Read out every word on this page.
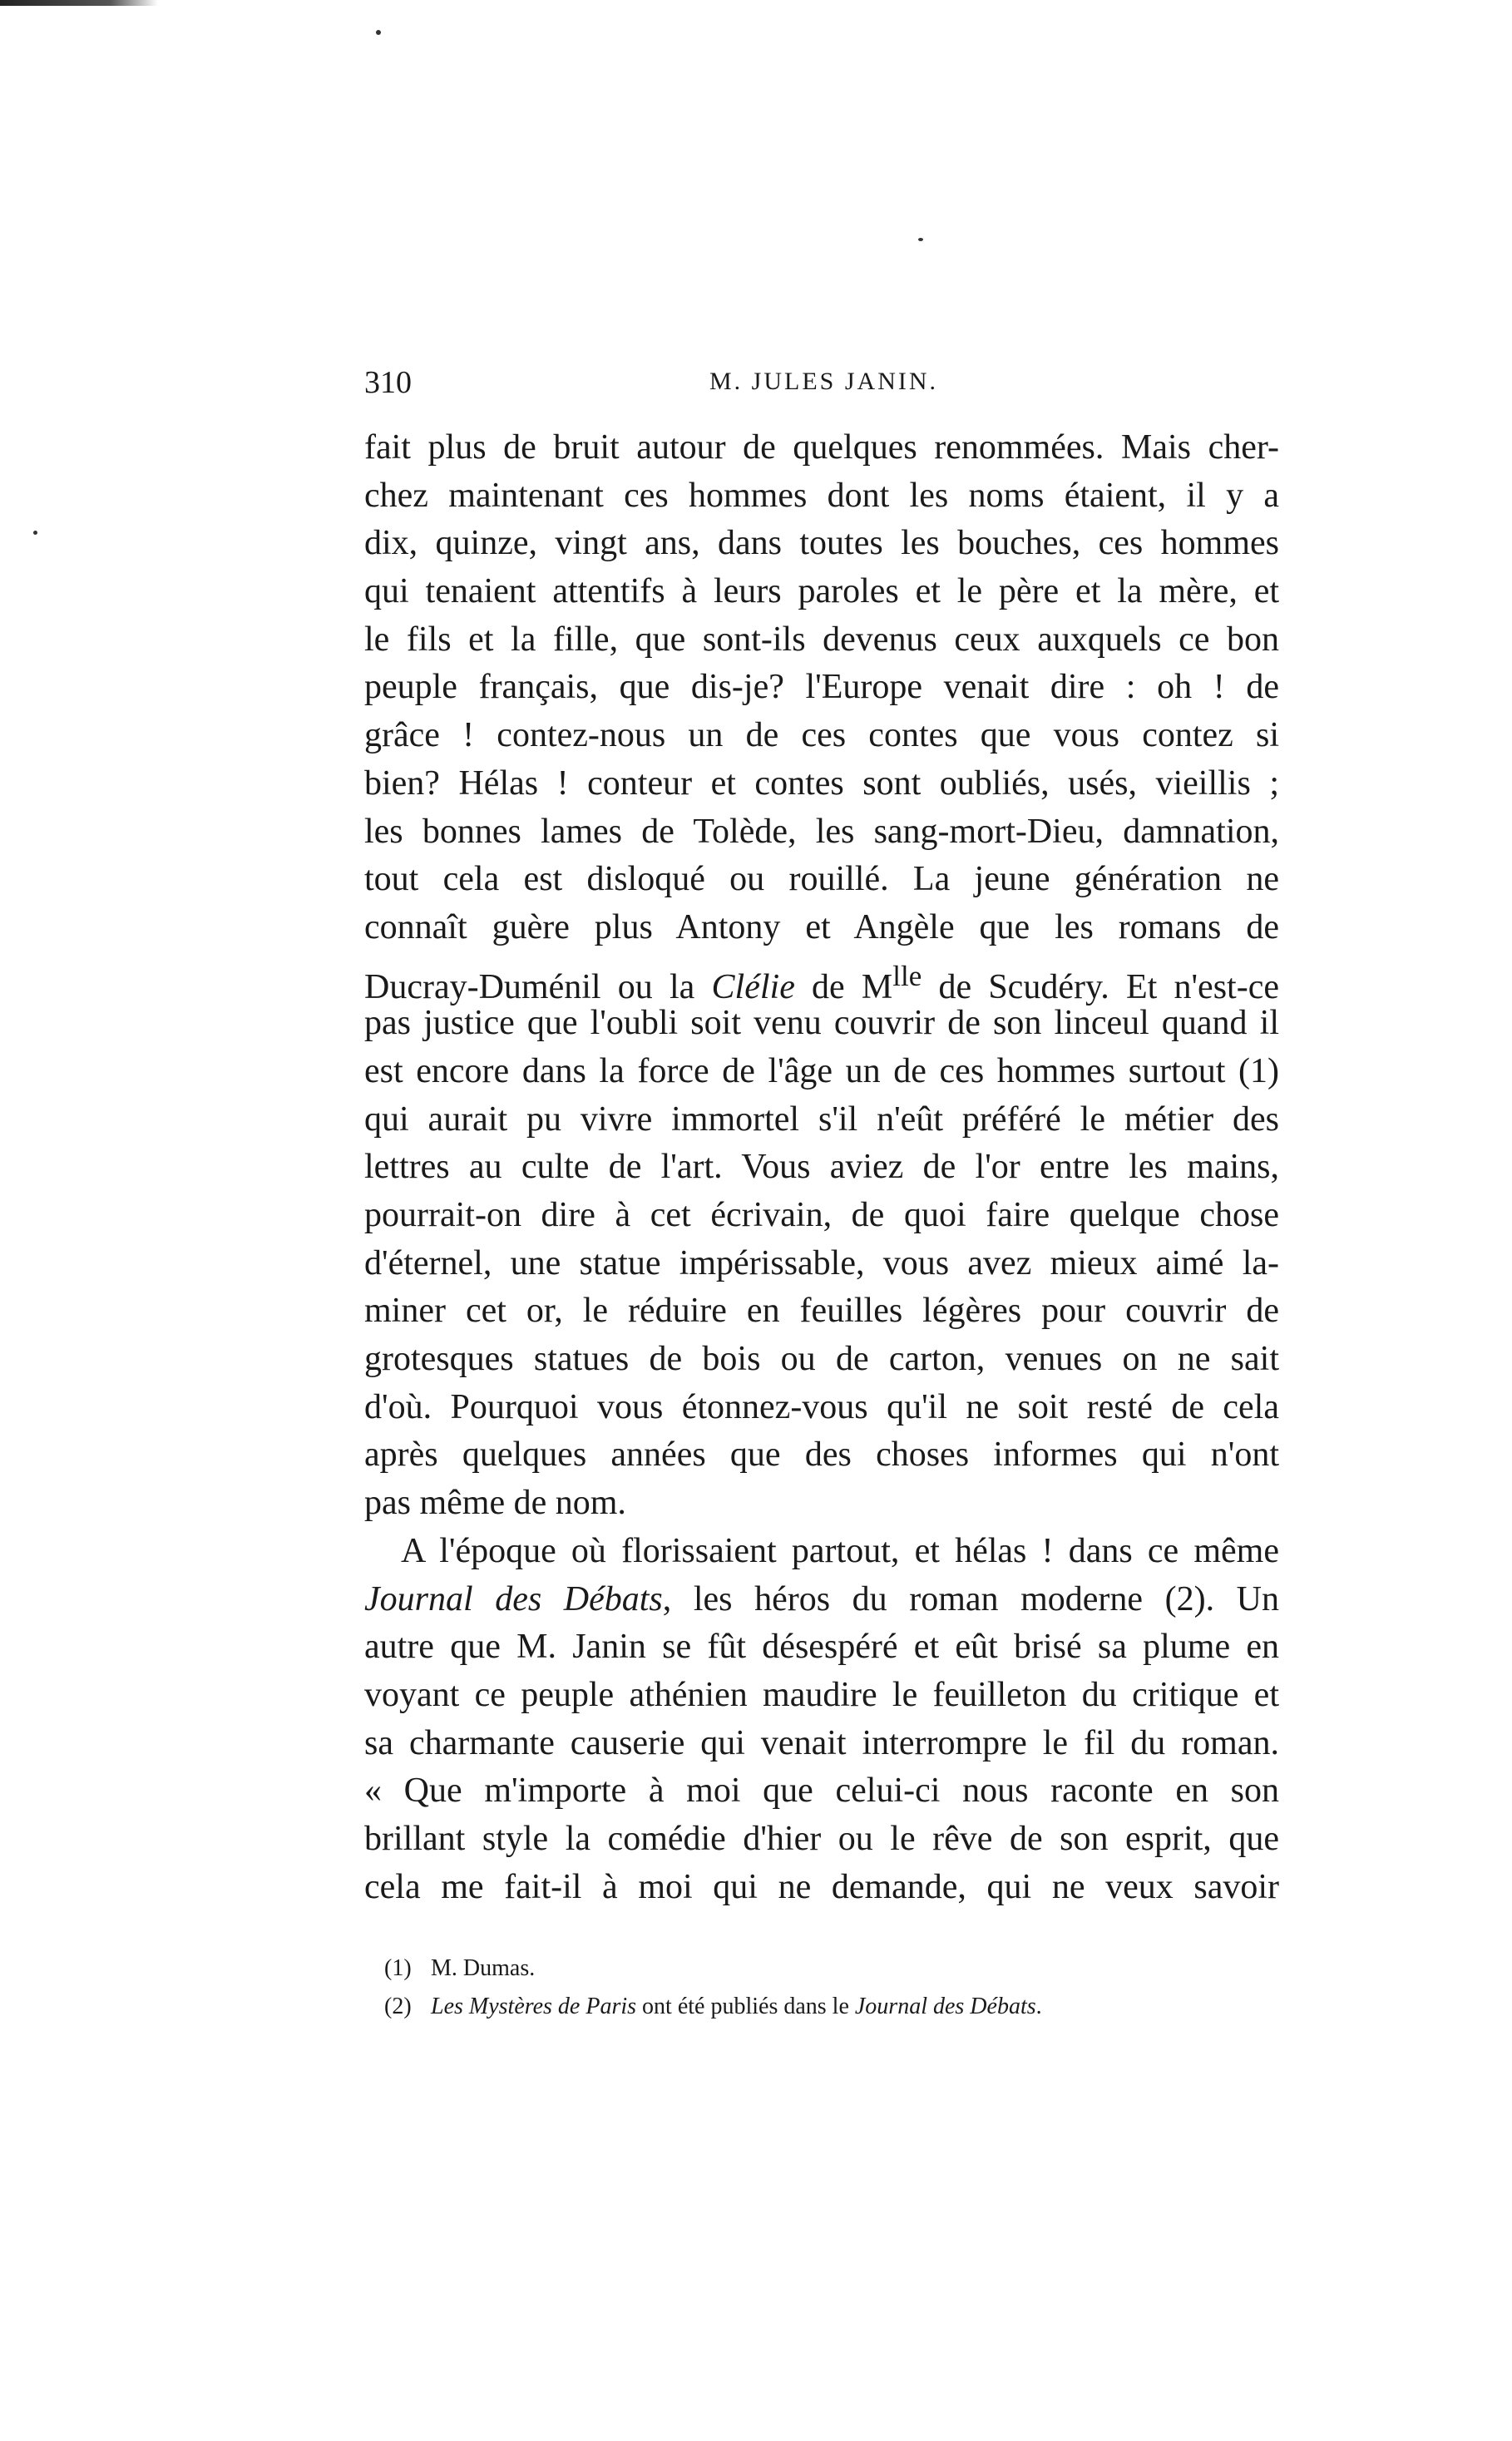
310	M. JULES JANIN.
fait plus de bruit autour de quelques renommées. Mais cher-
chez maintenant ces hommes dont les noms étaient, il y a
dix, quinze, vingt ans, dans toutes les bouches, ces hommes
qui tenaient attentifs à leurs paroles et le père et la mère, et
le fils et la fille, que sont-ils devenus ceux auxquels ce bon
peuple français, que dis-je? l'Europe venait dire : oh ! de
grâce ! contez-nous un de ces contes que vous contez si
bien? Hélas ! conteur et contes sont oubliés, usés, vieillis ;
les bonnes lames de Tolède, les sang-mort-Dieu, damnation,
tout cela est disloqué ou rouillé. La jeune génération ne
connaît guère plus Antony et Angèle que les romans de
Ducray-Duménil ou la Clélie de $M^{lle}$ de Scudéry. Et n'est-ce
pas justice que l'oubli soit venu couvrir de son linceul quand il
est encore dans la force de l'âge un de ces hommes surtout (1)
qui aurait pu vivre immortel s'il n'eût préféré le métier des
lettres au culte de l'art. Vous aviez de l'or entre les mains,
pourrait-on dire à cet écrivain, de quoi faire quelque chose
d'éternel, une statue impérissable, vous avez mieux aimé la-
miner cet or, le réduire en feuilles légères pour couvrir de
grotesques statues de bois ou de carton, venues on ne sait
d'où. Pourquoi vous étonnez-vous qu'il ne soit resté de cela
après quelques années que des choses informes qui n'ont
pas même de nom.
A l'époque où florissaient partout, et hélas ! dans ce même
Journal des Débats, les héros du roman moderne (2). Un
autre que M. Janin se fût désespéré et eût brisé sa plume en
voyant ce peuple athénien maudire le feuilleton du critique et
sa charmante causerie qui venait interrompre le fil du roman.
« Que m'importe à moi que celui-ci nous raconte en son
brillant style la comédie d'hier ou le rêve de son esprit, que
cela me fait-il à moi qui ne demande, qui ne veux savoir
(1) M. Dumas.
(2) Les Mystères de Paris ont été publiés dans le Journal des Débats.
